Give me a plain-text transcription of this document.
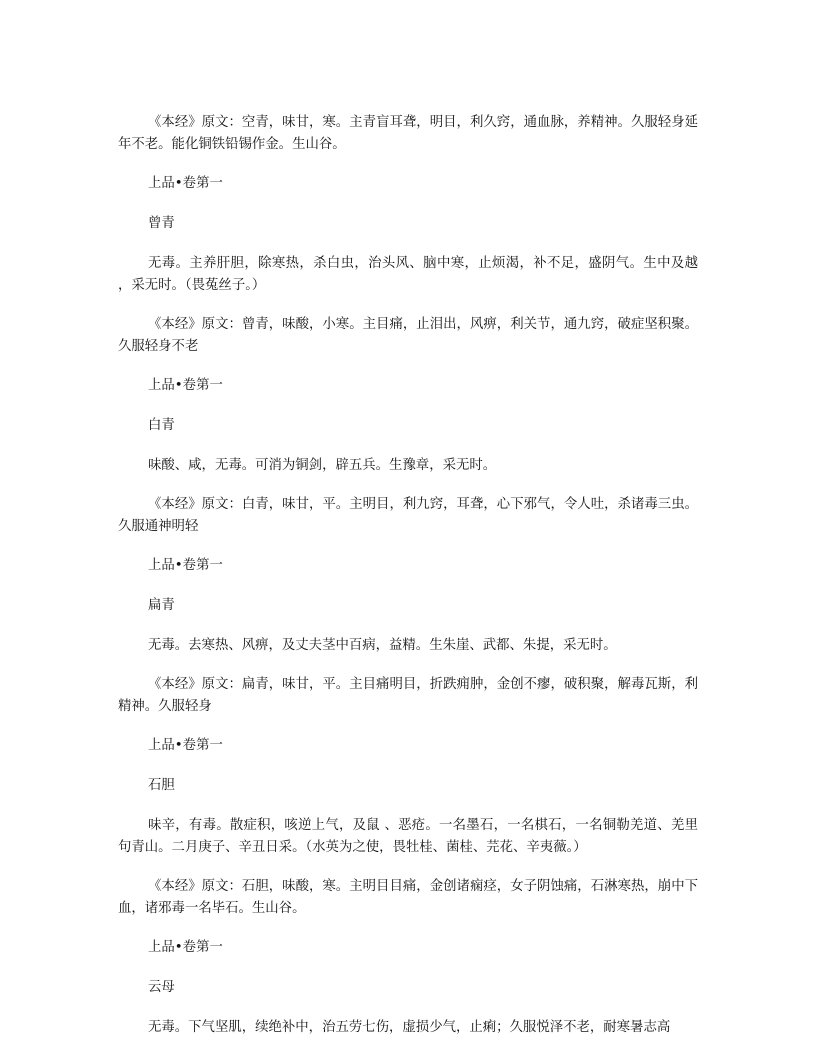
《本经》原文：空青，味甘，寒。主青盲耳聋，明目，利久窍，通血脉，养精神。久服轻身延年不老。能化铜铁铅锡作金。生山谷。

上品•卷第一

曾青

无毒。主养肝胆，除寒热，杀白虫，治头风、脑中寒，止烦渴，补不足，盛阴气。生中及越 ，采无时。（畏菟丝子。）

《本经》原文：曾青，味酸，小寒。主目痛，止泪出，风痹，利关节，通九窍，破症坚积聚。久服轻身不老

上品•卷第一

白青

味酸、咸，无毒。可消为铜剑，辟五兵。生豫章，采无时。

《本经》原文：白青，味甘，平。主明目，利九窍，耳聋，心下邪气，令人吐，杀诸毒三虫。久服通神明轻

上品•卷第一

扁青

无毒。去寒热、风痹，及丈夫茎中百病，益精。生朱崖、武都、朱提，采无时。

《本经》原文：扁青，味甘，平。主目痛明目，折跌痈肿，金创不瘳，破积聚，解毒瓦斯，利精神。久服轻身

上品•卷第一

石胆

味辛，有毒。散症积，咳逆上气，及鼠 、恶疮。一名墨石，一名棋石，一名铜勒羌道、羌里句青山。二月庚子、辛丑日采。（水英为之使，畏牡桂、菌桂、芫花、辛夷薇。）

《本经》原文：石胆，味酸，寒。主明目目痛，金创诸痫痉，女子阴蚀痛，石淋寒热，崩中下血，诸邪毒一名毕石。生山谷。

上品•卷第一

云母

无毒。下气坚肌，续绝补中，治五劳七伤，虚损少气，止痢；久服悦泽不老，耐寒暑志高
